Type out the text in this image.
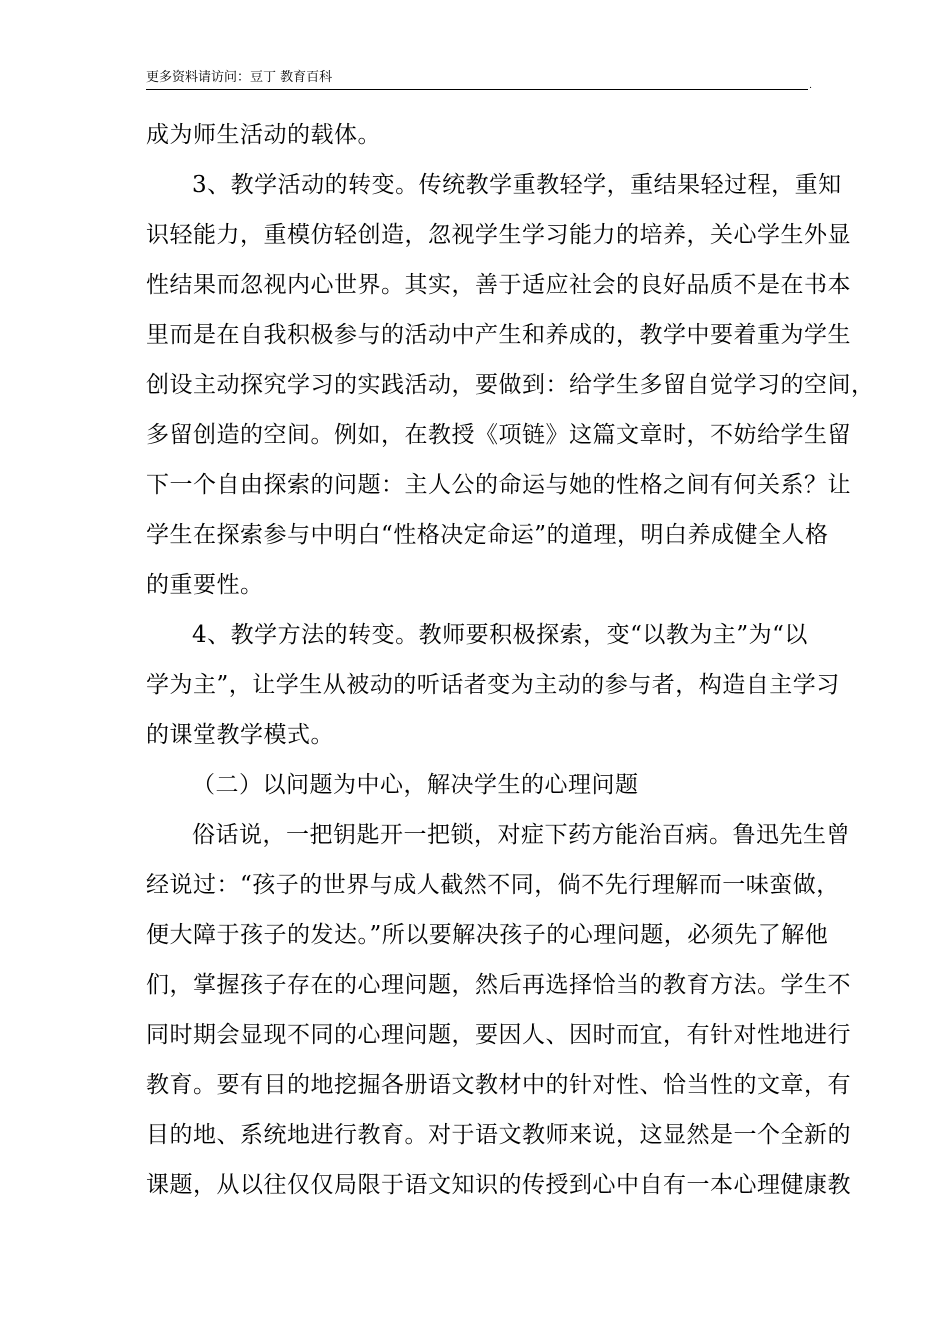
更多资料请访问：豆丁 教育百科
.
成为师生活动的载体。
3、教学活动的转变。传统教学重教轻学，重结果轻过程，重知
识轻能力，重模仿轻创造，忽视学生学习能力的培养，关心学生外显
性结果而忽视内心世界。其实，善于适应社会的良好品质不是在书本
里而是在自我积极参与的活动中产生和养成的，教学中要着重为学生
创设主动探究学习的实践活动，要做到：给学生多留自觉学习的空间，
多留创造的空间。例如，在教授《项链》这篇文章时，不妨给学生留
下一个自由探索的问题：主人公的命运与她的性格之间有何关系？让
学生在探索参与中明白“性格决定命运”的道理，明白养成健全人格
的重要性。
4、教学方法的转变。教师要积极探索，变“以教为主”为“以
学为主”，让学生从被动的听话者变为主动的参与者，构造自主学习
的课堂教学模式。
（二）以问题为中心，解决学生的心理问题
俗话说，一把钥匙开一把锁，对症下药方能治百病。鲁迅先生曾
经说过：“孩子的世界与成人截然不同，倘不先行理解而一味蛮做，
便大障于孩子的发达。”所以要解决孩子的心理问题，必须先了解他
们，掌握孩子存在的心理问题，然后再选择恰当的教育方法。学生不
同时期会显现不同的心理问题，要因人、因时而宜，有针对性地进行
教育。要有目的地挖掘各册语文教材中的针对性、恰当性的文章，有
目的地、系统地进行教育。对于语文教师来说，这显然是一个全新的
课题，从以往仅仅局限于语文知识的传授到心中自有一本心理健康教
